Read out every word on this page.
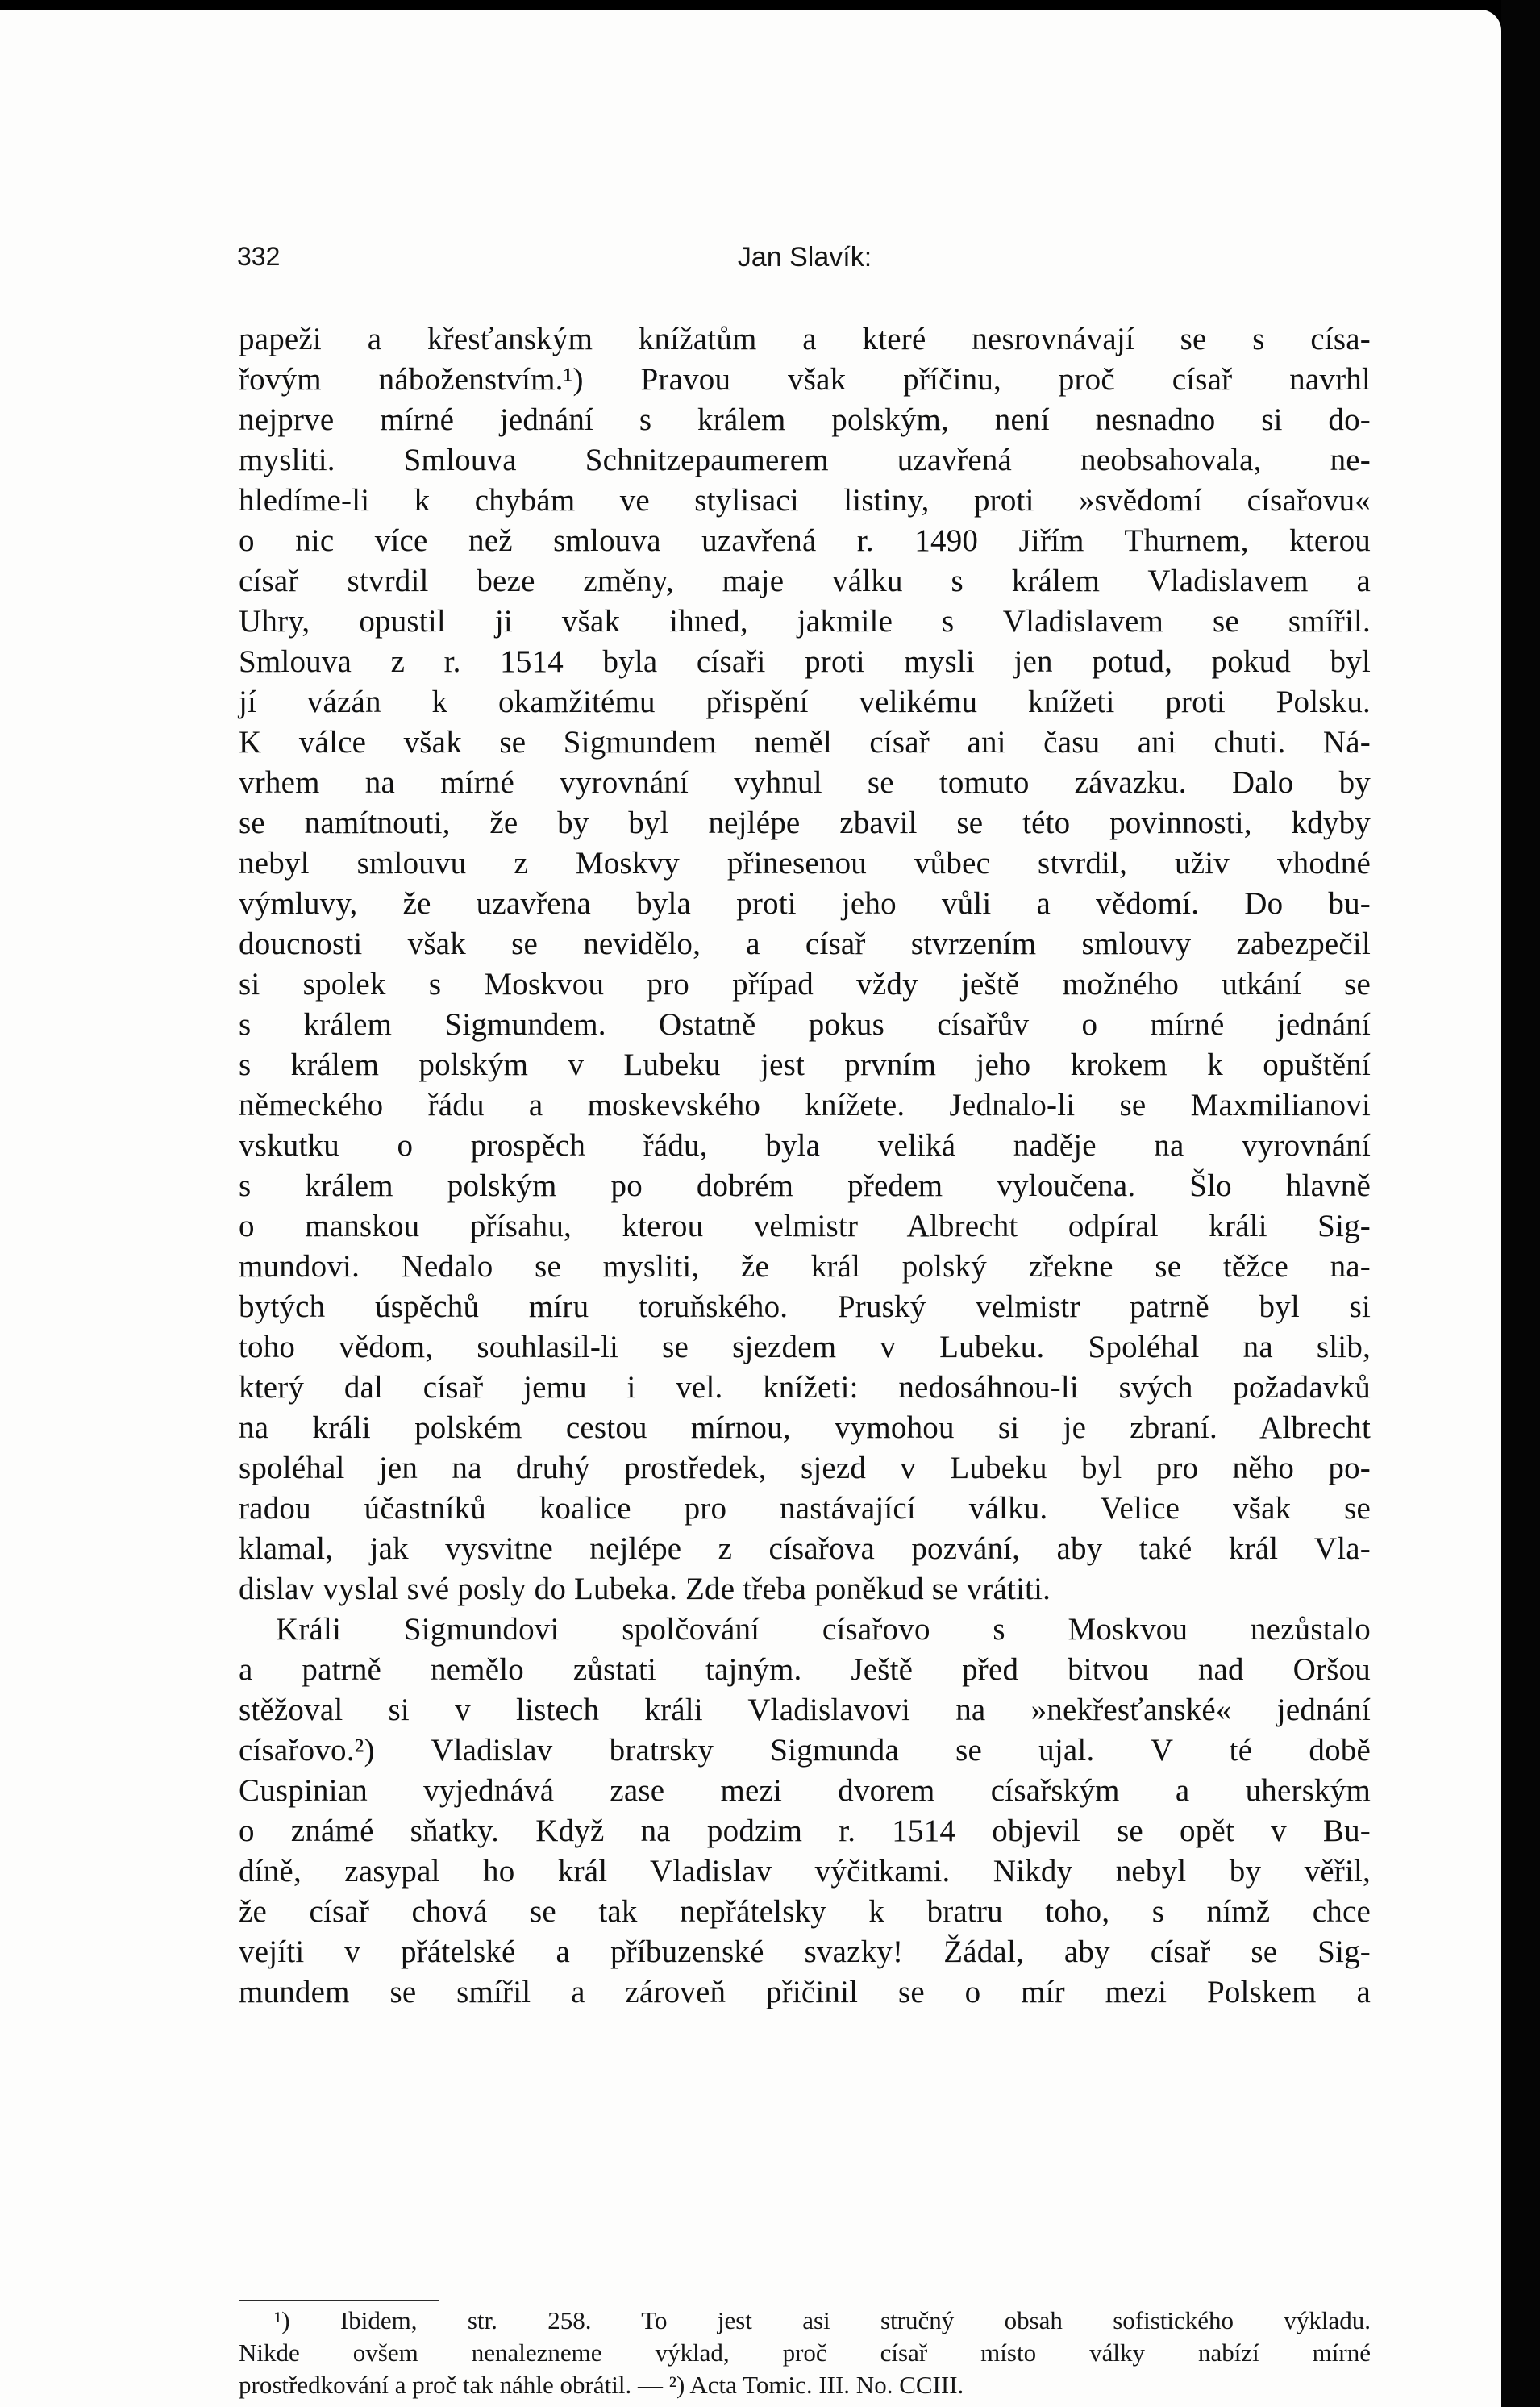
332	Jan Slavík:
papeži a křesťanským knížatům a které nesrovnávají se s císa-
řovým náboženstvím.¹) Pravou však příčinu, proč císař navrhl
nejprve mírné jednání s králem polským, není nesnadno si do-
mysliti. Smlouva Schnitzepaumerem uzavřená neobsahovala, ne-
hledíme-li k chybám ve stylisaci listiny, proti »svědomí císařovu«
o nic více než smlouva uzavřená r. 1490 Jiřím Thurnem, kterou
císař stvrdil beze změny, maje válku s králem Vladislavem a
Uhry, opustil ji však ihned, jakmile s Vladislavem se smířil.
Smlouva z r. 1514 byla císaři proti mysli jen potud, pokud byl
jí vázán k okamžitému přispění velikému knížeti proti Polsku.
K válce však se Sigmundem neměl císař ani času ani chuti. Ná-
vrhem na mírné vyrovnání vyhnul se tomuto závazku. Dalo by
se namítnouti, že by byl nejlépe zbavil se této povinnosti, kdyby
nebyl smlouvu z Moskvy přinesenou vůbec stvrdil, uživ vhodné
výmluvy, že uzavřena byla proti jeho vůli a vědomí. Do bu-
doucnosti však se nevidělo, a císař stvrzením smlouvy zabezpečil
si spolek s Moskvou pro případ vždy ještě možného utkání se
s králem Sigmundem. Ostatně pokus císařův o mírné jednání
s králem polským v Lubeku jest prvním jeho krokem k opuštění
německého řádu a moskevského knížete. Jednalo-li se Maxmilianovi
vskutku o prospěch řádu, byla veliká naděje na vyrovnání
s králem polským po dobrém předem vyloučena. Šlo hlavně
o manskou přísahu, kterou velmistr Albrecht odpíral králi Sig-
mundovi. Nedalo se mysliti, že král polský zřekne se těžce na-
bytých úspěchů míru toruňského. Pruský velmistr patrně byl si
toho vědom, souhlasil-li se sjezdem v Lubeku. Spoléhal na slib,
který dal císař jemu i vel. knížeti: nedosáhnou-li svých požadavků
na králi polském cestou mírnou, vymohou si je zbraní. Albrecht
spoléhal jen na druhý prostředek, sjezd v Lubeku byl pro něho po-
radou účastníků koalice pro nastávající válku. Velice však se
klamal, jak vysvitne nejlépe z císařova pozvání, aby také král Vla-
dislav vyslal své posly do Lubeka. Zde třeba poněkud se vrátiti.
Králi Sigmundovi spolčování císařovo s Moskvou nezůstalo
a patrně nemělo zůstati tajným. Ještě před bitvou nad Oršou
stěžoval si v listech králi Vladislavovi na »nekřesťanské« jednání
císařovo.²) Vladislav bratrsky Sigmunda se ujal. V té době
Cuspinian vyjednává zase mezi dvorem císařským a uherským
o známé sňatky. Když na podzim r. 1514 objevil se opět v Bu-
díně, zasypal ho král Vladislav výčitkami. Nikdy nebyl by věřil,
že císař chová se tak nepřátelsky k bratru toho, s nímž chce
vejíti v přátelské a příbuzenské svazky! Žádal, aby císař se Sig-
mundem se smířil a zároveň přičinil se o mír mezi Polskem a
¹) Ibidem, str. 258. To jest asi stručný obsah sofistického výkladu.
Nikde ovšem nenalezneme výklad, proč císař místo války nabízí mírné
prostředkování a proč tak náhle obrátil. — ²) Acta Tomic. III. No. CCIII.
